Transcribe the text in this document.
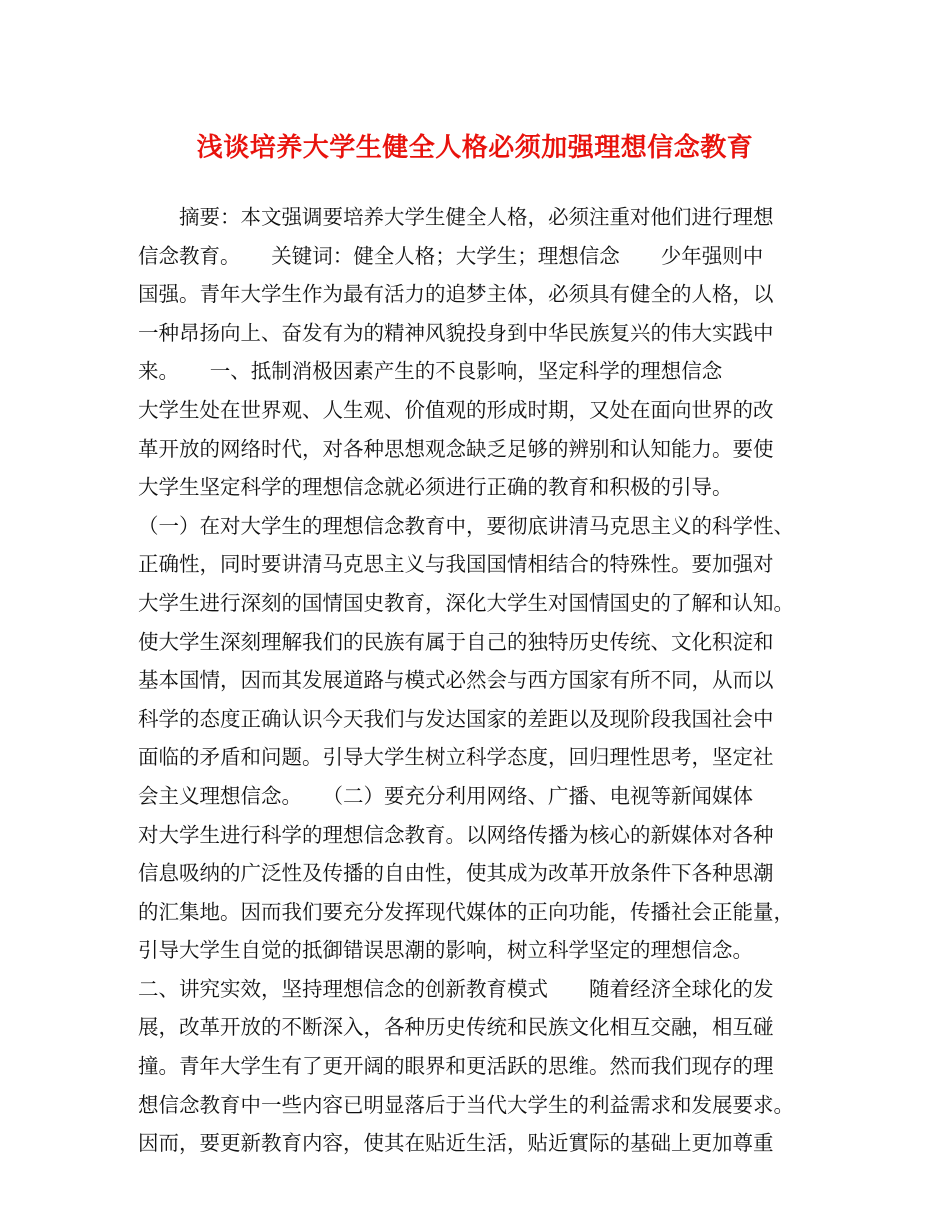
浅谈培养大学生健全人格必须加强理想信念教育
　　摘要：本文强调要培养大学生健全人格，必须注重对他们进行理想
信念教育。　　关键词：健全人格；大学生；理想信念　　少年强则中
国强。青年大学生作为最有活力的追梦主体，必须具有健全的人格，以
一种昂扬向上、奋发有为的精神风貌投身到中华民族复兴的伟大实践中
来。　　一、抵制消极因素产生的不良影响，坚定科学的理想信念
大学生处在世界观、人生观、价值观的形成时期，又处在面向世界的改
革开放的网络时代，对各种思想观念缺乏足够的辨别和认知能力。要使
大学生坚定科学的理想信念就必须进行正确的教育和积极的引导。
（一）在对大学生的理想信念教育中，要彻底讲清马克思主义的科学性、
正确性，同时要讲清马克思主义与我国国情相结合的特殊性。要加强对
大学生进行深刻的国情国史教育，深化大学生对国情国史的了解和认知。
使大学生深刻理解我们的民族有属于自己的独特历史传统、文化积淀和
基本国情，因而其发展道路与模式必然会与西方国家有所不同，从而以
科学的态度正确认识今天我们与发达国家的差距以及现阶段我国社会中
面临的矛盾和问题。引导大学生树立科学态度，回归理性思考，坚定社
会主义理想信念。　　（二）要充分利用网络、广播、电视等新闻媒体
对大学生进行科学的理想信念教育。以网络传播为核心的新媒体对各种
信息吸纳的广泛性及传播的自由性，使其成为改革开放条件下各种思潮
的汇集地。因而我们要充分发挥现代媒体的正向功能，传播社会正能量，
引导大学生自觉的抵御错误思潮的影响，树立科学坚定的理想信念。
二、讲究实效，坚持理想信念的创新教育模式　　随着经济全球化的发
展，改革开放的不断深入，各种历史传统和民族文化相互交融，相互碰
撞。青年大学生有了更开阔的眼界和更活跃的思维。然而我们现存的理
想信念教育中一些内容已明显落后于当代大学生的利益需求和发展要求。
因而，要更新教育内容，使其在贴近生活，贴近實际的基础上更加尊重
